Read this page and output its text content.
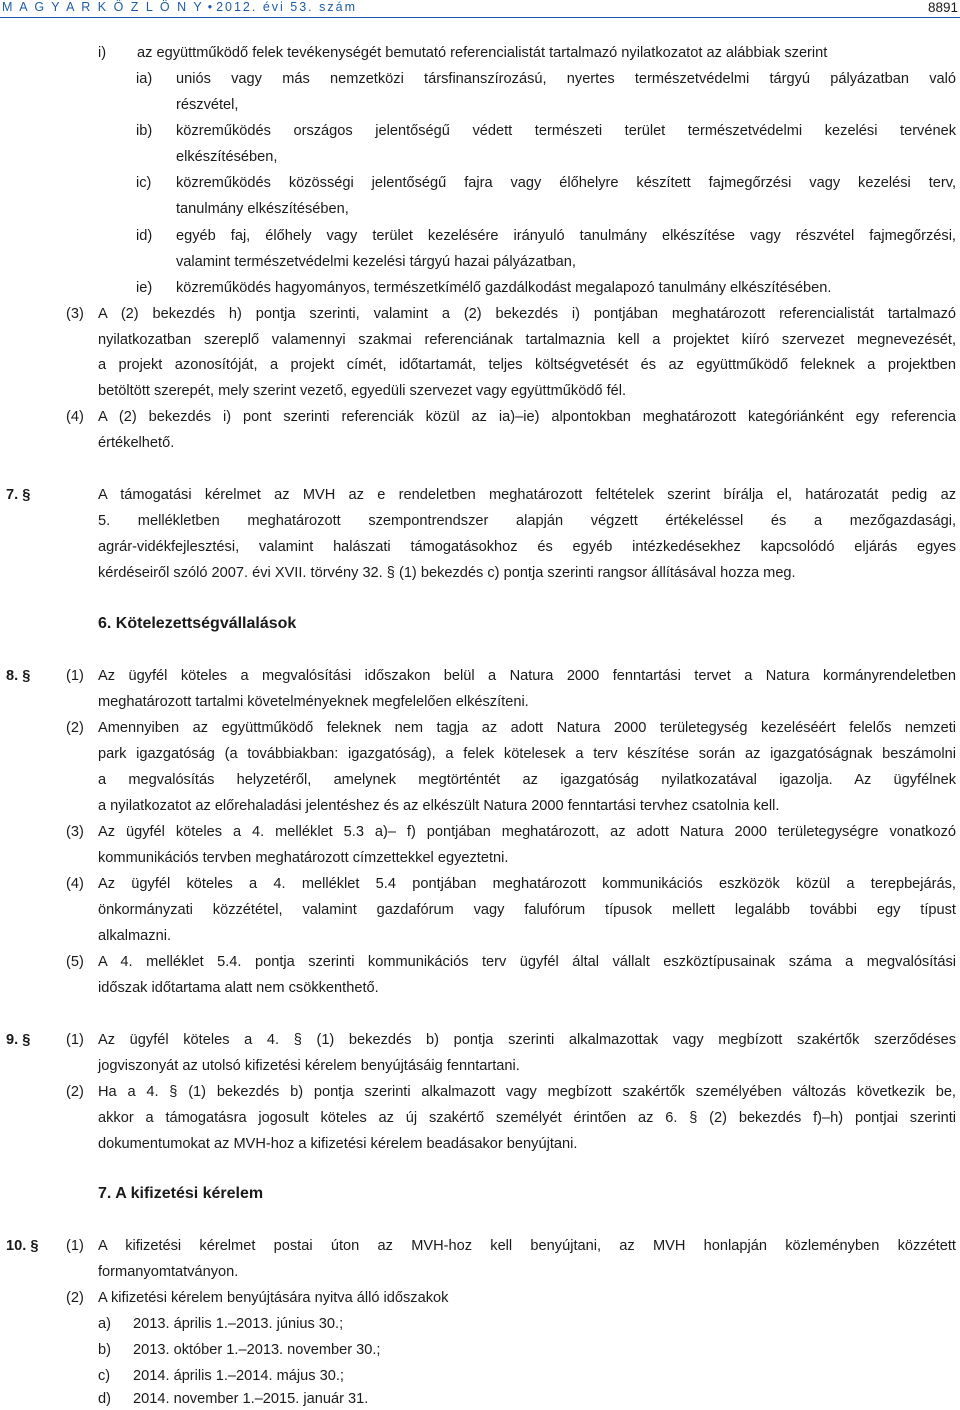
M A G Y A R K Ö Z L Ö N Y • 2012. évi 53. szám	8891
i) az együttműködő felek tevékenységét bemutató referencialistát tartalmazó nyilatkozatot az alábbiak szerint
ia) uniós vagy más nemzetközi társfinanszírozású, nyertes természetvédelmi tárgyú pályázatban való
részvétel,
ib) közreműködés országos jelentőségű védett természeti terület természetvédelmi kezelési tervének
elkészítésében,
ic) közreműködés közösségi jelentőségű fajra vagy élőhelyre készített fajmegőrzési vagy kezelési terv,
tanulmány elkészítésében,
id) egyéb faj, élőhely vagy terület kezelésére irányuló tanulmány elkészítése vagy részvétel fajmegőrzési,
valamint természetvédelmi kezelési tárgyú hazai pályázatban,
ie) közreműködés hagyományos, természetkímélő gazdálkodást megalapozó tanulmány elkészítésében.
(3) A (2) bekezdés h) pontja szerinti, valamint a (2) bekezdés i) pontjában meghatározott referencialistát tartalmazó
nyilatkozatban szereplő valamennyi szakmai referenciának tartalmaznia kell a projektet kiíró szervezet megnevezését,
a projekt azonosítóját, a projekt címét, időtartamát, teljes költségvetését és az együttműködő feleknek a projektben
betöltött szerepét, mely szerint vezető, egyedüli szervezet vagy együttműködő fél.
(4) A (2) bekezdés i) pont szerinti referenciák közül az ia)–ie) alpontokban meghatározott kategóriánként egy referencia
értékelhető.
7. §	A támogatási kérelmet az MVH az e rendeletben meghatározott feltételek szerint bírálja el, határozatát pedig az
5. mellékletben meghatározott szempontrendszer alapján végzett értékeléssel és a mezőgazdasági,
agrár-vidékfejlesztési, valamint halászati támogatásokhoz és egyéb intézkedésekhez kapcsolódó eljárás egyes
kérdéseiről szóló 2007. évi XVII. törvény 32. § (1) bekezdés c) pontja szerinti rangsor állításával hozza meg.
6. Kötelezettségvállalások
8. § (1) Az ügyfél köteles a megvalósítási időszakon belül a Natura 2000 fenntartási tervet a Natura kormányrendeletben
meghatározott tartalmi követelményeknek megfelelően elkészíteni.
(2) Amennyiben az együttműködő feleknek nem tagja az adott Natura 2000 területegység kezeléséért felelős nemzeti
park igazgatóság (a továbbiakban: igazgatóság), a felek kötelesek a terv készítése során az igazgatóságnak beszámolni
a megvalósítás helyzetéről, amelynek megtörténtét az igazgatóság nyilatkozatával igazolja. Az ügyfélnek
a nyilatkozatot az előrehaladási jelentéshez és az elkészült Natura 2000 fenntartási tervhez csatolnia kell.
(3) Az ügyfél köteles a 4. melléklet 5.3 a)– f) pontjában meghatározott, az adott Natura 2000 területegységre vonatkozó
kommunikációs tervben meghatározott címzettekkel egyeztetni.
(4) Az ügyfél köteles a 4. melléklet 5.4 pontjában meghatározott kommunikációs eszközök közül a terepbejárás,
önkormányzati közzététel, valamint gazdafórum vagy falufórum típusok mellett legalább további egy típust
alkalmazni.
(5) A 4. melléklet 5.4. pontja szerinti kommunikációs terv ügyfél által vállalt eszköztípusainak száma a megvalósítási
időszak időtartama alatt nem csökkenthető.
9. § (1) Az ügyfél köteles a 4. § (1) bekezdés b) pontja szerinti alkalmazottak vagy megbízott szakértők szerződéses
jogviszonyát az utolsó kifizetési kérelem benyújtásáig fenntartani.
(2) Ha a 4. § (1) bekezdés b) pontja szerinti alkalmazott vagy megbízott szakértők személyében változás következik be,
akkor a támogatásra jogosult köteles az új szakértő személyét érintően az 6. § (2) bekezdés f)–h) pontjai szerinti
dokumentumokat az MVH-hoz a kifizetési kérelem beadásakor benyújtani.
7. A kifizetési kérelem
10. § (1) A kifizetési kérelmet postai úton az MVH-hoz kell benyújtani, az MVH honlapján közleményben közzétett
formanyomtatványon.
(2) A kifizetési kérelem benyújtására nyitva álló időszakok
a) 2013. április 1.–2013. június 30.;
b) 2013. október 1.–2013. november 30.;
c) 2014. április 1.–2014. május 30.;
d) 2014. november 1.–2015. január 31.
